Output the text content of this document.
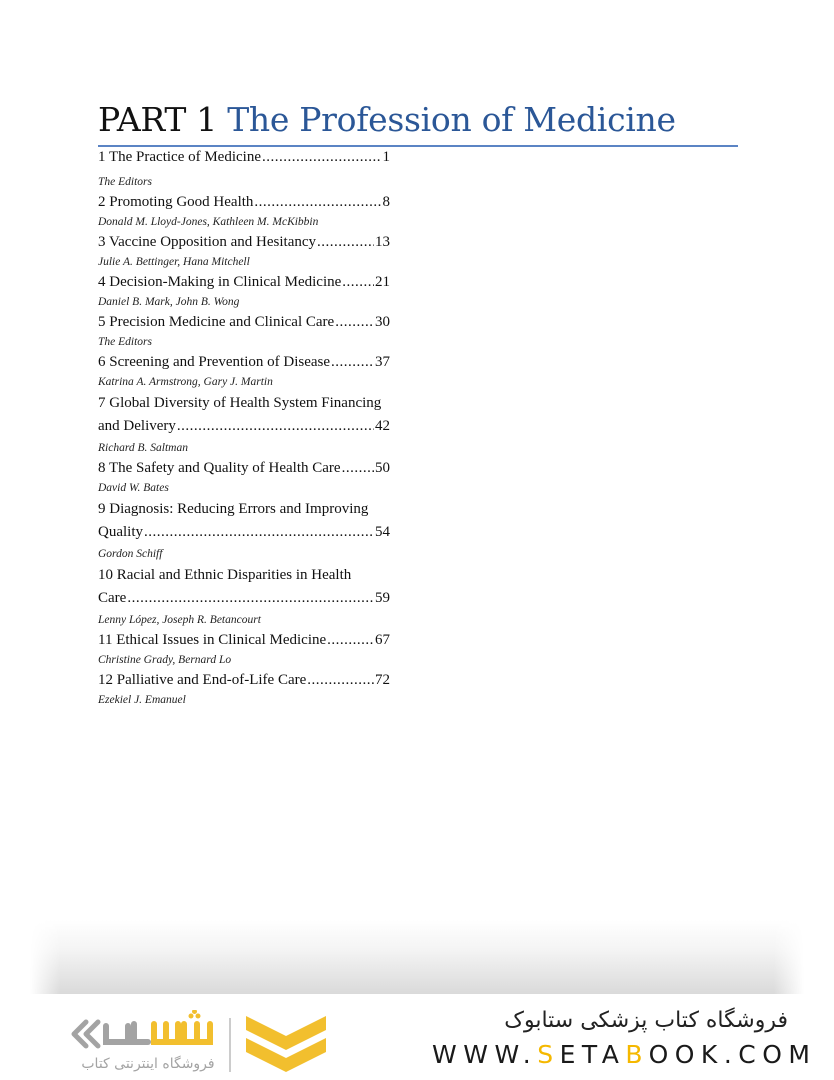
PART 1 The Profession of Medicine
1 The Practice of Medicine .....	1
The Editors
2 Promoting Good Health .....	8
Donald M. Lloyd-Jones, Kathleen M. McKibbin
3 Vaccine Opposition and Hesitancy .....	13
Julie A. Bettinger, Hana Mitchell
4 Decision-Making in Clinical Medicine ..... 21
Daniel B. Mark, John B. Wong
5 Precision Medicine and Clinical Care .....	30
The Editors
6 Screening and Prevention of Disease .....	37
Katrina A. Armstrong, Gary J. Martin
7 Global Diversity of Health System Financing
and Delivery .....	42
Richard B. Saltman
8 The Safety and Quality of Health Care ..... 50
David W. Bates
9 Diagnosis: Reducing Errors and Improving
Quality .....	54
Gordon Schiff
10 Racial and Ethnic Disparities in Health
Care .....	59
Lenny López, Joseph R. Betancourt
11 Ethical Issues in Clinical Medicine .....	67
Christine Grady, Bernard Lo
12 Palliative and End-of-Life Care .....	72
Ezekiel J. Emanuel
فروشگاه اینترنتی کتاب
فروشگاه کتاب پزشکی ستابوک
WWW.SETABOOK.COM
